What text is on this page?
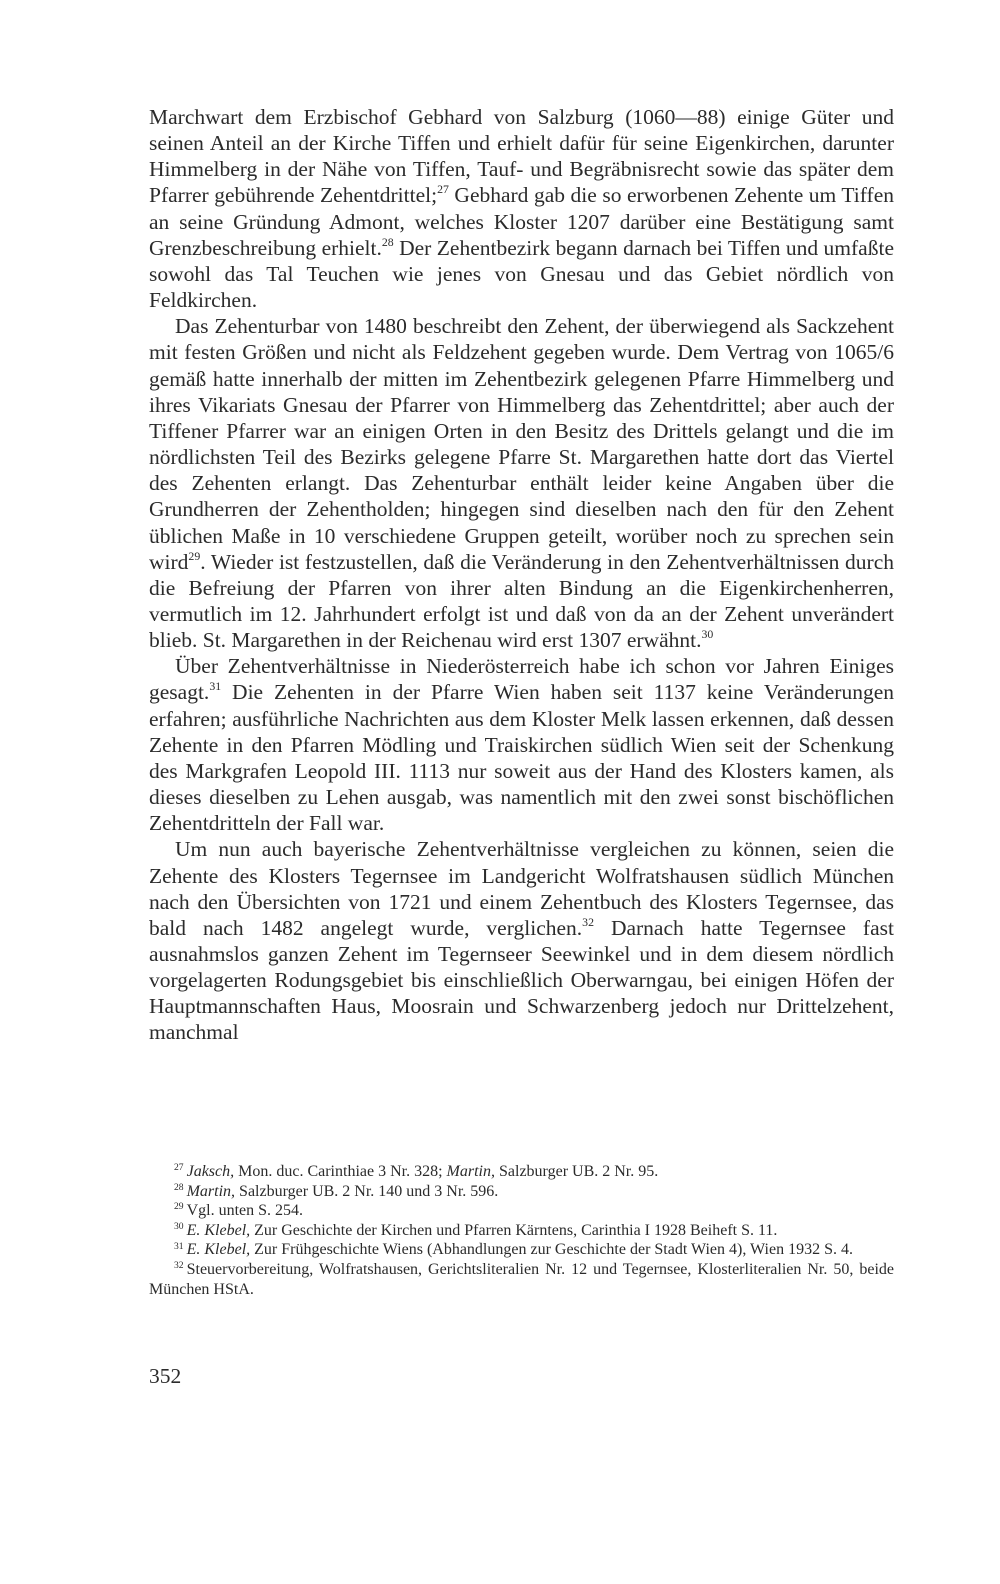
Marchwart dem Erzbischof Gebhard von Salzburg (1060—88) einige Güter und seinen Anteil an der Kirche Tiffen und erhielt dafür für seine Eigenkirchen, darunter Himmelberg in der Nähe von Tiffen, Tauf- und Begräbnisrecht sowie das später dem Pfarrer gebührende Zehentdrittel;$^{27}$ Gebhard gab die so erworbenen Zehente um Tiffen an seine Gründung Admont, welches Kloster 1207 darüber eine Bestätigung samt Grenzbeschreibung erhielt.$^{28}$ Der Zehentbezirk begann darnach bei Tiffen und umfaßte sowohl das Tal Teuchen wie jenes von Gnesau und das Gebiet nördlich von Feldkirchen.

Das Zehenturbar von 1480 beschreibt den Zehent, der überwiegend als Sackzehent mit festen Größen und nicht als Feldzehent gegeben wurde. Dem Vertrag von 1065/6 gemäß hatte innerhalb der mitten im Zehentbezirk gelegenen Pfarre Himmelberg und ihres Vikariats Gnesau der Pfarrer von Himmelberg das Zehentdrittel; aber auch der Tiffener Pfarrer war an einigen Orten in den Besitz des Drittels gelangt und die im nördlichsten Teil des Bezirks gelegene Pfarre St. Margarethen hatte dort das Viertel des Zehenten erlangt. Das Zehenturbar enthält leider keine Angaben über die Grundherren der Zehentholden; hingegen sind dieselben nach den für den Zehent üblichen Maße in 10 verschiedene Gruppen geteilt, worüber noch zu sprechen sein wird$^{29}$. Wieder ist festzustellen, daß die Veränderung in den Zehentverhältnissen durch die Befreiung der Pfarren von ihrer alten Bindung an die Eigenkirchenherren, vermutlich im 12. Jahrhundert erfolgt ist und daß von da an der Zehent unverändert blieb. St. Margarethen in der Reichenau wird erst 1307 erwähnt.$^{30}$

Über Zehentverhältnisse in Niederösterreich habe ich schon vor Jahren Einiges gesagt.$^{31}$ Die Zehenten in der Pfarre Wien haben seit 1137 keine Veränderungen erfahren; ausführliche Nachrichten aus dem Kloster Melk lassen erkennen, daß dessen Zehente in den Pfarren Mödling und Traiskirchen südlich Wien seit der Schenkung des Markgrafen Leopold III. 1113 nur soweit aus der Hand des Klosters kamen, als dieses dieselben zu Lehen ausgab, was namentlich mit den zwei sonst bischöflichen Zehentdritteln der Fall war.

Um nun auch bayerische Zehentverhältnisse vergleichen zu können, seien die Zehente des Klosters Tegernsee im Landgericht Wolfratshausen südlich München nach den Übersichten von 1721 und einem Zehentbuch des Klosters Tegernsee, das bald nach 1482 angelegt wurde, verglichen.$^{32}$ Darnach hatte Tegernsee fast ausnahmslos ganzen Zehent im Tegernseer Seewinkel und in dem diesem nördlich vorgelagerten Rodungsgebiet bis einschließlich Oberwarngau, bei einigen Höfen der Hauptmannschaften Haus, Moosrain und Schwarzenberg jedoch nur Drittelzehent, manchmal

$^{27}$ Jaksch, Mon. duc. Carinthiae 3 Nr. 328; Martin, Salzburger UB. 2 Nr. 95.

$^{28}$ Martin, Salzburger UB. 2 Nr. 140 und 3 Nr. 596.

$^{29}$ Vgl. unten S. 254.

$^{30}$ E. Klebel, Zur Geschichte der Kirchen und Pfarren Kärntens, Carinthia I 1928 Beiheft S. 11.

$^{31}$ E. Klebel, Zur Frühgeschichte Wiens (Abhandlungen zur Geschichte der Stadt Wien 4), Wien 1932 S. 4.

$^{32}$ Steuervorbereitung, Wolfratshausen, Gerichtsliteralien Nr. 12 und Tegernsee, Klosterliteralien Nr. 50, beide München HStA.

352
